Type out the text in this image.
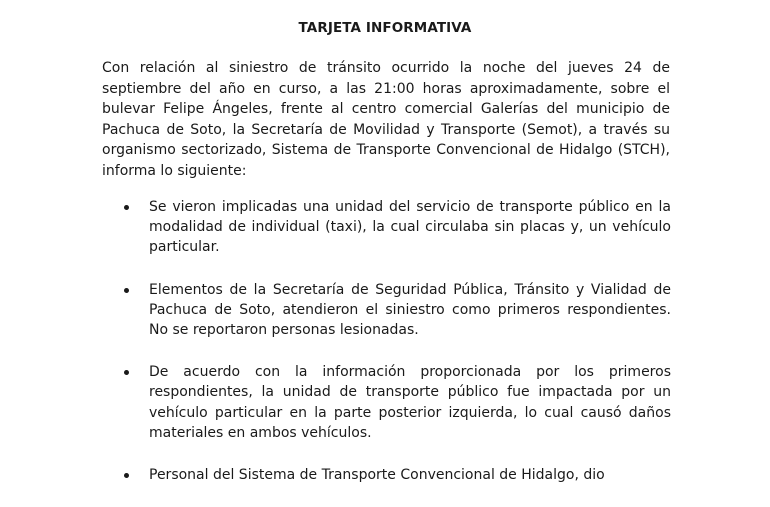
TARJETA INFORMATIVA

Con relación al siniestro de tránsito ocurrido la noche del jueves 24 de septiembre del año en curso, a las 21:00 horas aproximadamente, sobre el bulevar Felipe Ángeles, frente al centro comercial Galerías del municipio de Pachuca de Soto, la Secretaría de Movilidad y Transporte (Semot), a través su organismo sectorizado, Sistema de Transporte Convencional de Hidalgo (STCH), informa lo siguiente:

Se vieron implicadas una unidad del servicio de transporte público en la modalidad de individual (taxi), la cual circulaba sin placas y, un vehículo particular.
Elementos de la Secretaría de Seguridad Pública, Tránsito y Vialidad de Pachuca de Soto, atendieron el siniestro como primeros respondientes. No se reportaron personas lesionadas.
De acuerdo con la información proporcionada por los primeros respondientes, la unidad de transporte público fue impactada por un vehículo particular en la parte posterior izquierda, lo cual causó daños materiales en ambos vehículos.
Personal del Sistema de Transporte Convencional de Hidalgo, dio
